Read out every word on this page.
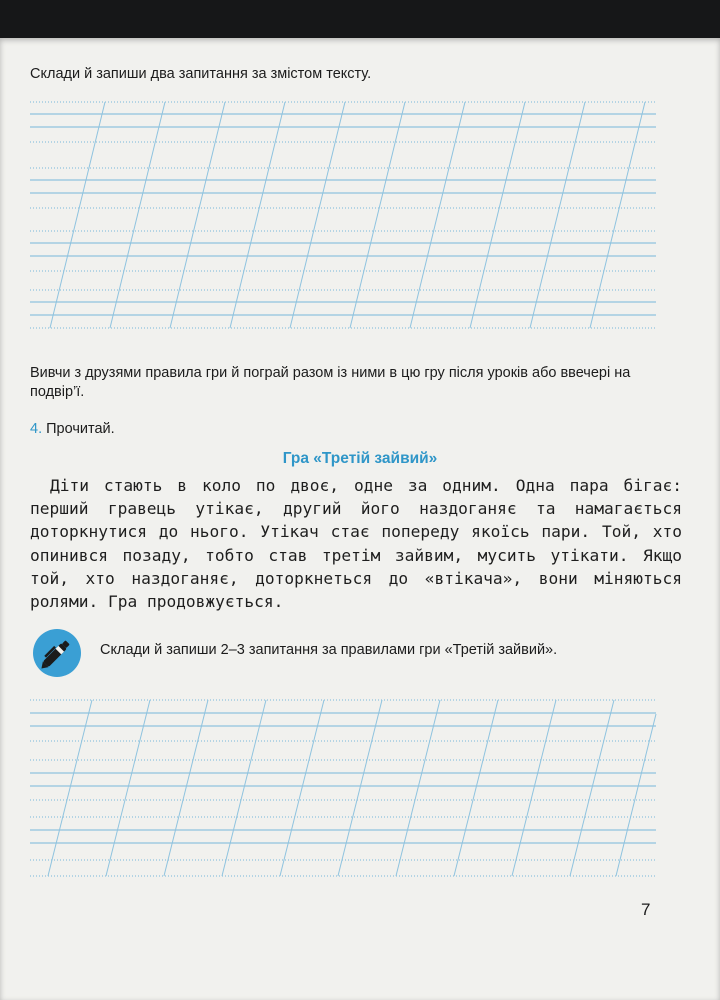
Склади й запиши два запитання за змістом тексту.

Вивчи з друзями правила гри й пограй разом із ними в цю гру після уроків або ввечері на подвір’ї.

4. Прочитай.
Гра «Третій зайвий»
Діти стають в коло по двоє, одне за одним. Одна пара бігає: перший гравець утікає, другий його наздоганяє та намагається доторкнутися до нього. Утікач стає попереду якоїсь пари. Той, хто опинився позаду, тобто став третім зайвим, мусить утікати. Якщо той, хто наздоганяє, доторкнеться до «втікача», вони міняються ролями. Гра продовжується.

Склади й запиши 2–3 запитання за правилами гри «Третій зайвий».

7
